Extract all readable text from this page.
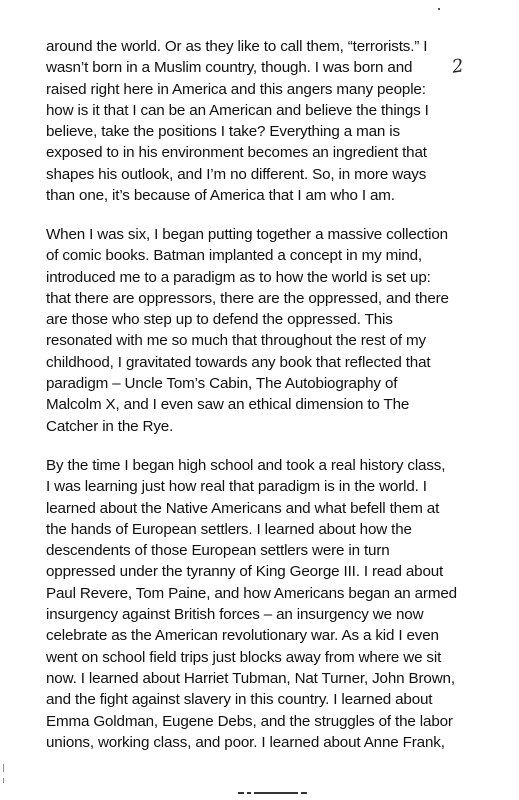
2
around the world. Or as they like to call them, “terrorists.” I
wasn’t born in a Muslim country, though. I was born and
raised right here in America and this angers many people:
how is it that I can be an American and believe the things I
believe, take the positions I take? Everything a man is
exposed to in his environment becomes an ingredient that
shapes his outlook, and I’m no different. So, in more ways
than one, it’s because of America that I am who I am.
When I was six, I began putting together a massive collection
of comic books. Batman implanted a concept in my mind,
introduced me to a paradigm as to how the world is set up:
that there are oppressors, there are the oppressed, and there
are those who step up to defend the oppressed. This
resonated with me so much that throughout the rest of my
childhood, I gravitated towards any book that reflected that
paradigm – Uncle Tom’s Cabin, The Autobiography of
Malcolm X, and I even saw an ethical dimension to The
Catcher in the Rye.
By the time I began high school and took a real history class,
I was learning just how real that paradigm is in the world. I
learned about the Native Americans and what befell them at
the hands of European settlers. I learned about how the
descendents of those European settlers were in turn
oppressed under the tyranny of King George III. I read about
Paul Revere, Tom Paine, and how Americans began an armed
insurgency against British forces – an insurgency we now
celebrate as the American revolutionary war. As a kid I even
went on school field trips just blocks away from where we sit
now. I learned about Harriet Tubman, Nat Turner, John Brown,
and the fight against slavery in this country. I learned about
Emma Goldman, Eugene Debs, and the struggles of the labor
unions, working class, and poor. I learned about Anne Frank,
